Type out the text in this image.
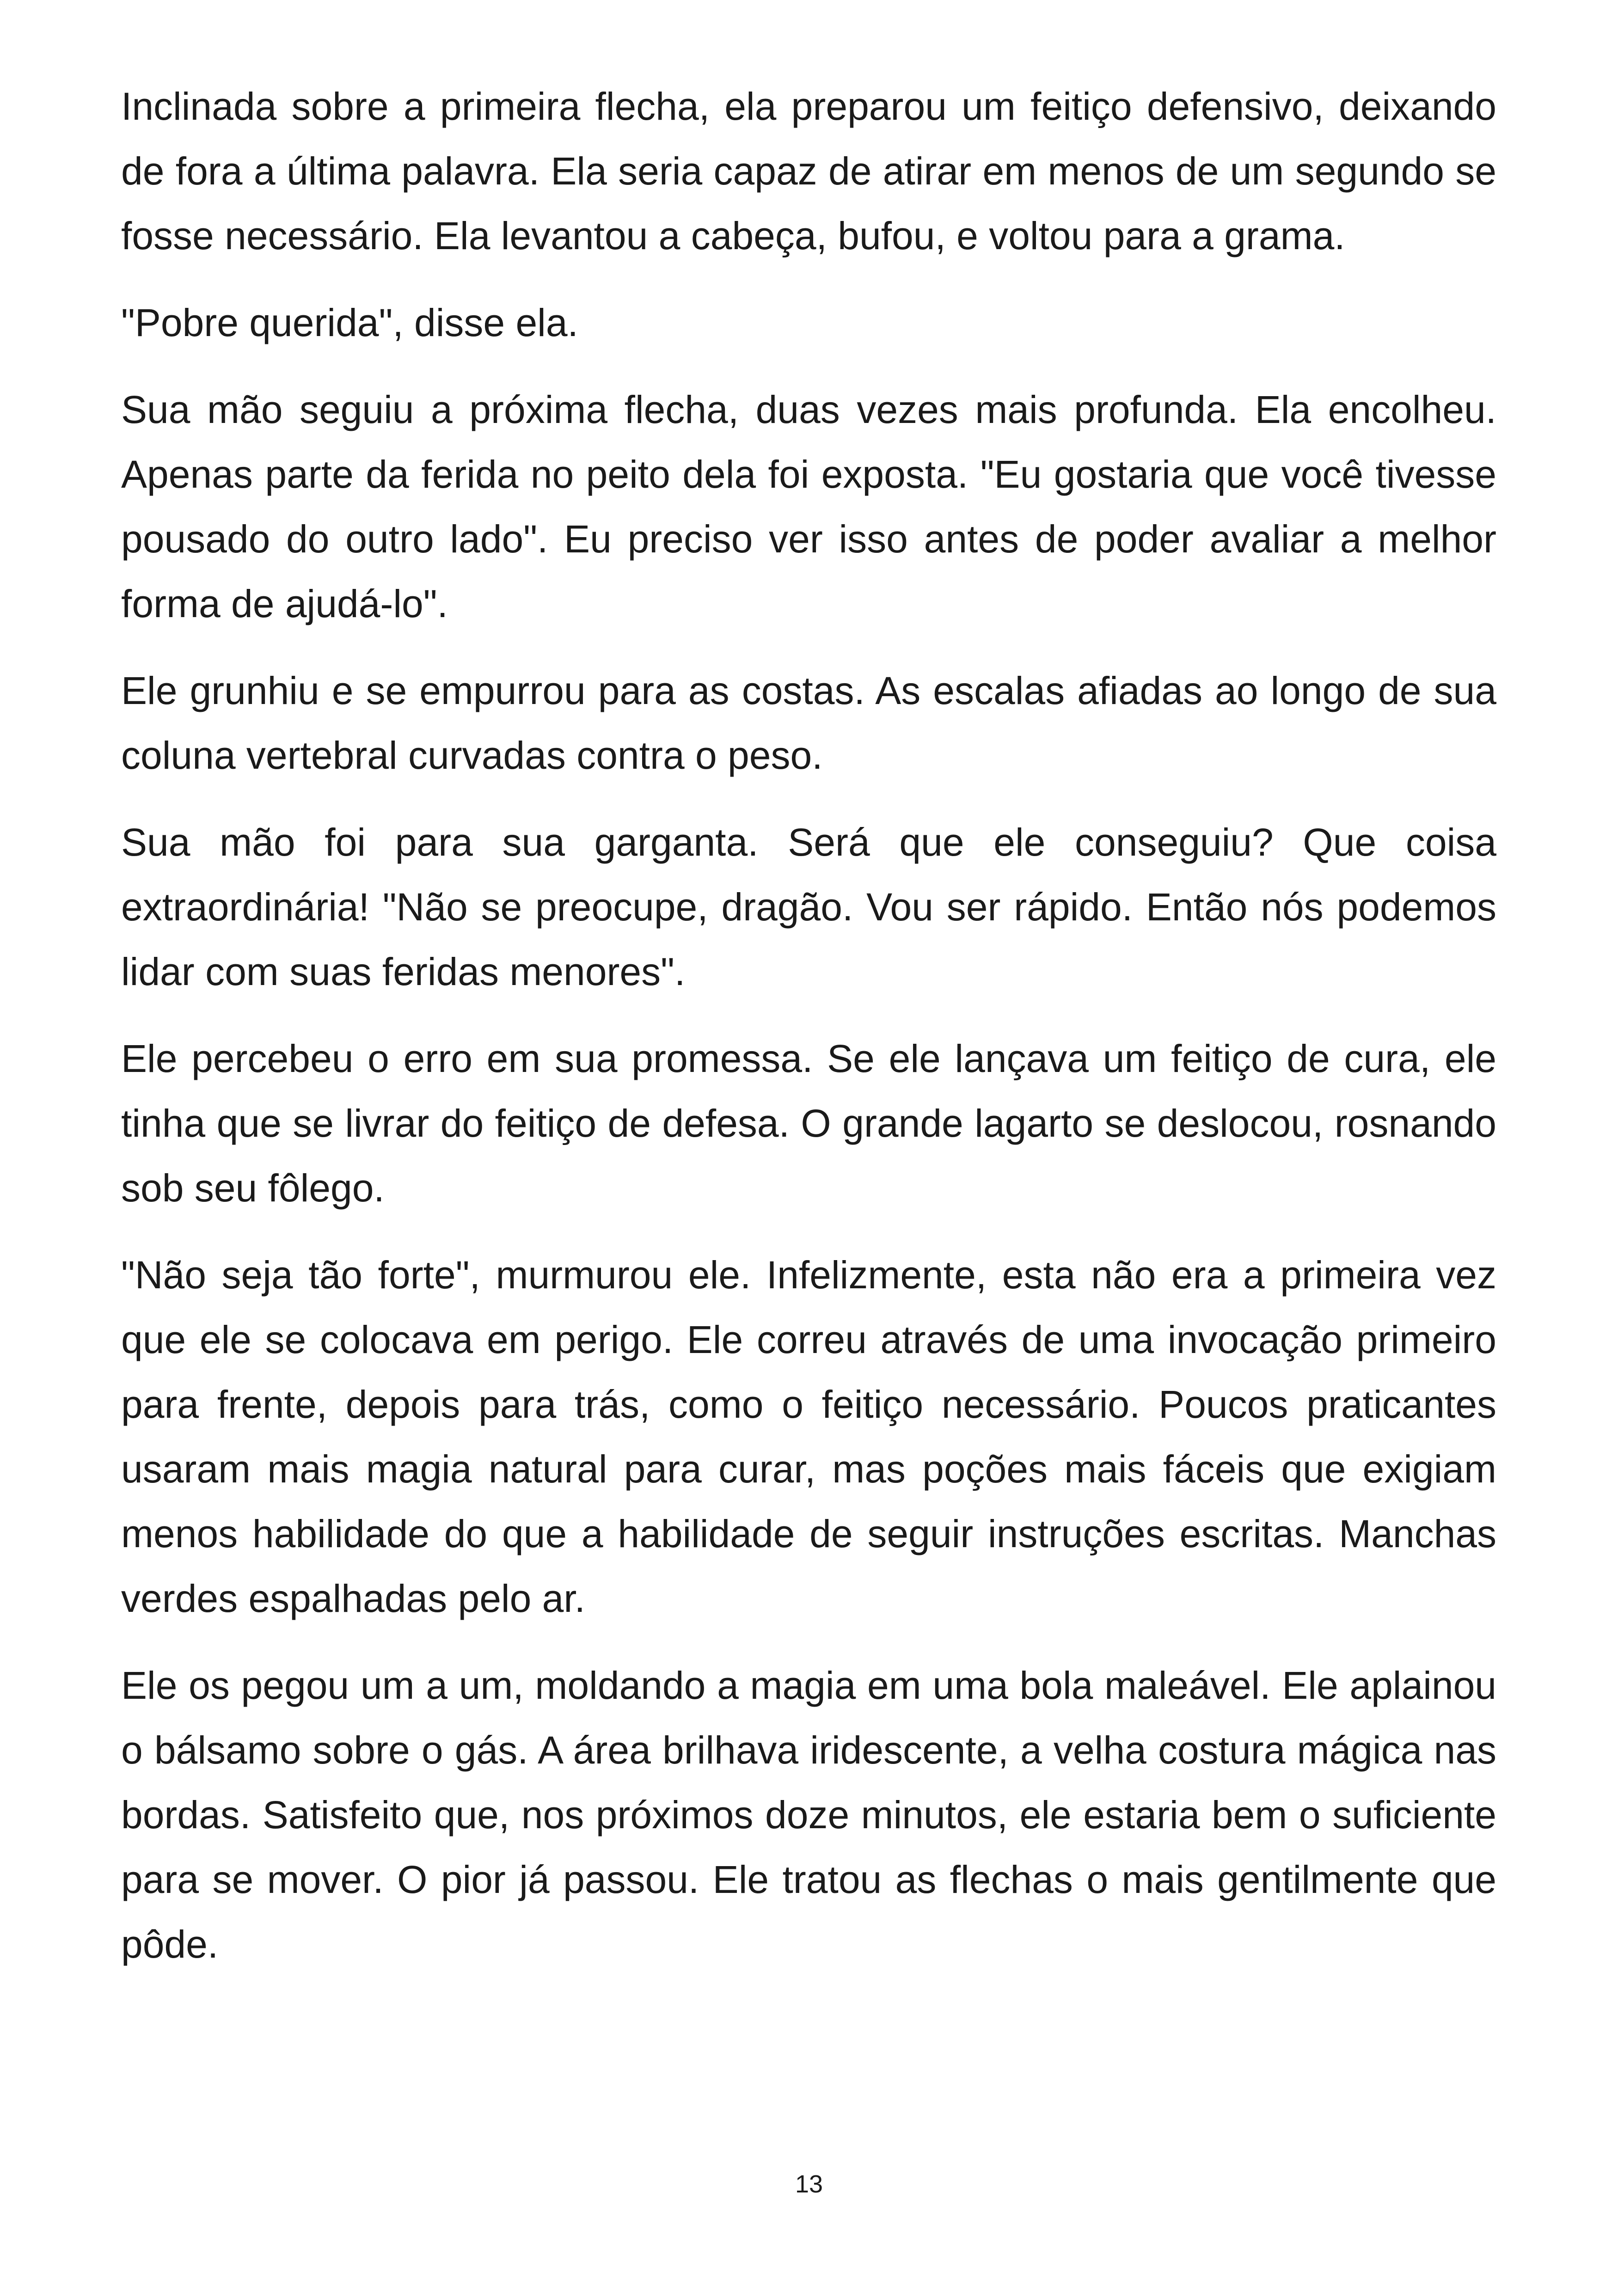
Inclinada sobre a primeira flecha, ela preparou um feitiço defensivo, deixando de fora a última palavra. Ela seria capaz de atirar em menos de um segundo se fosse necessário. Ela levantou a cabeça, bufou, e voltou para a grama.

"Pobre querida", disse ela.

Sua mão seguiu a próxima flecha, duas vezes mais profunda. Ela encolheu. Apenas parte da ferida no peito dela foi exposta. "Eu gostaria que você tivesse pousado do outro lado". Eu preciso ver isso antes de poder avaliar a melhor forma de ajudá-lo".

Ele grunhiu e se empurrou para as costas. As escalas afiadas ao longo de sua coluna vertebral curvadas contra o peso.

Sua mão foi para sua garganta. Será que ele conseguiu? Que coisa extraordinária! "Não se preocupe, dragão. Vou ser rápido. Então nós podemos lidar com suas feridas menores".

Ele percebeu o erro em sua promessa. Se ele lançava um feitiço de cura, ele tinha que se livrar do feitiço de defesa. O grande lagarto se deslocou, rosnando sob seu fôlego.

"Não seja tão forte", murmurou ele. Infelizmente, esta não era a primeira vez que ele se colocava em perigo. Ele correu através de uma invocação primeiro para frente, depois para trás, como o feitiço necessário. Poucos praticantes usaram mais magia natural para curar, mas poções mais fáceis que exigiam menos habilidade do que a habilidade de seguir instruções escritas. Manchas verdes espalhadas pelo ar.

Ele os pegou um a um, moldando a magia em uma bola maleável. Ele aplainou o bálsamo sobre o gás. A área brilhava iridescente, a velha costura mágica nas bordas. Satisfeito que, nos próximos doze minutos, ele estaria bem o suficiente para se mover. O pior já passou. Ele tratou as flechas o mais gentilmente que pôde.

13
